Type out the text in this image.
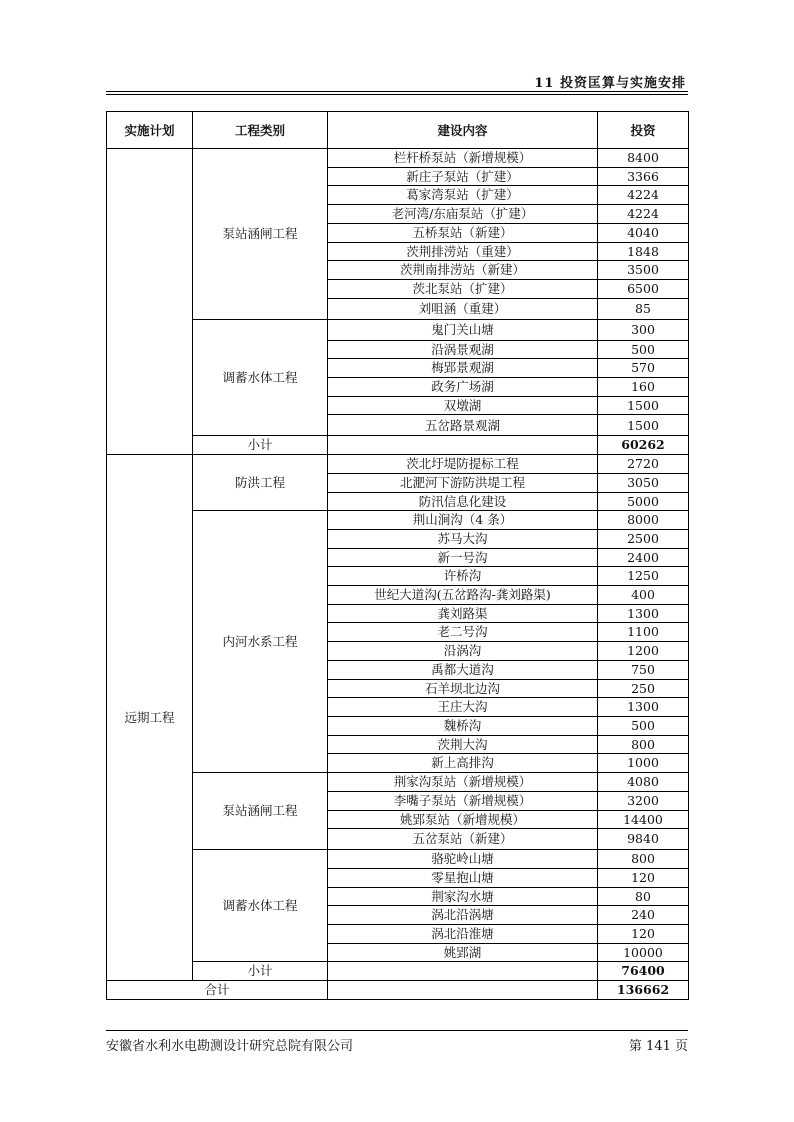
11 投资匡算与实施安排
实施计划	工程类别	建设内容	投资
	泵站涵闸工程	栏杆桥泵站（新增规模）	8400
		新庄子泵站（扩建）	3366
		葛家湾泵站（扩建）	4224
		老河湾/东庙泵站（扩建）	4224
		五桥泵站（新建）	4040
		茨荆排涝站（重建）	1848
		茨荆南排涝站（新建）	3500
		茨北泵站（扩建）	6500
		刘咀涵（重建）	85
	调蓄水体工程	鬼门关山塘	300
		沿涡景观湖	500
		梅郢景观湖	570
		政务广场湖	160
		双墩湖	1500
		五岔路景观湖	1500
	小计		60262
远期工程	防洪工程	茨北圩堤防提标工程	2720
		北淝河下游防洪堤工程	3050
		防汛信息化建设	5000
	内河水系工程	荆山涧沟（4 条）	8000
		苏马大沟	2500
		新一号沟	2400
		许桥沟	1250
		世纪大道沟(五岔路沟-龚刘路渠)	400
		龚刘路渠	1300
		老二号沟	1100
		沿涡沟	1200
		禹都大道沟	750
		石羊坝北边沟	250
		王庄大沟	1300
		魏桥沟	500
		茨荆大沟	800
		新上高排沟	1000
	泵站涵闸工程	荆家沟泵站（新增规模）	4080
		李嘴子泵站（新增规模）	3200
		姚郢泵站（新增规模）	14400
		五岔泵站（新建）	9840
	调蓄水体工程	骆驼岭山塘	800
		零星抱山塘	120
		荆家沟水塘	80
		涡北沿涡塘	240
		涡北沿淮塘	120
		姚郢湖	10000
	小计		76400
合计			136662
安徽省水利水电勘测设计研究总院有限公司	第 141 页
